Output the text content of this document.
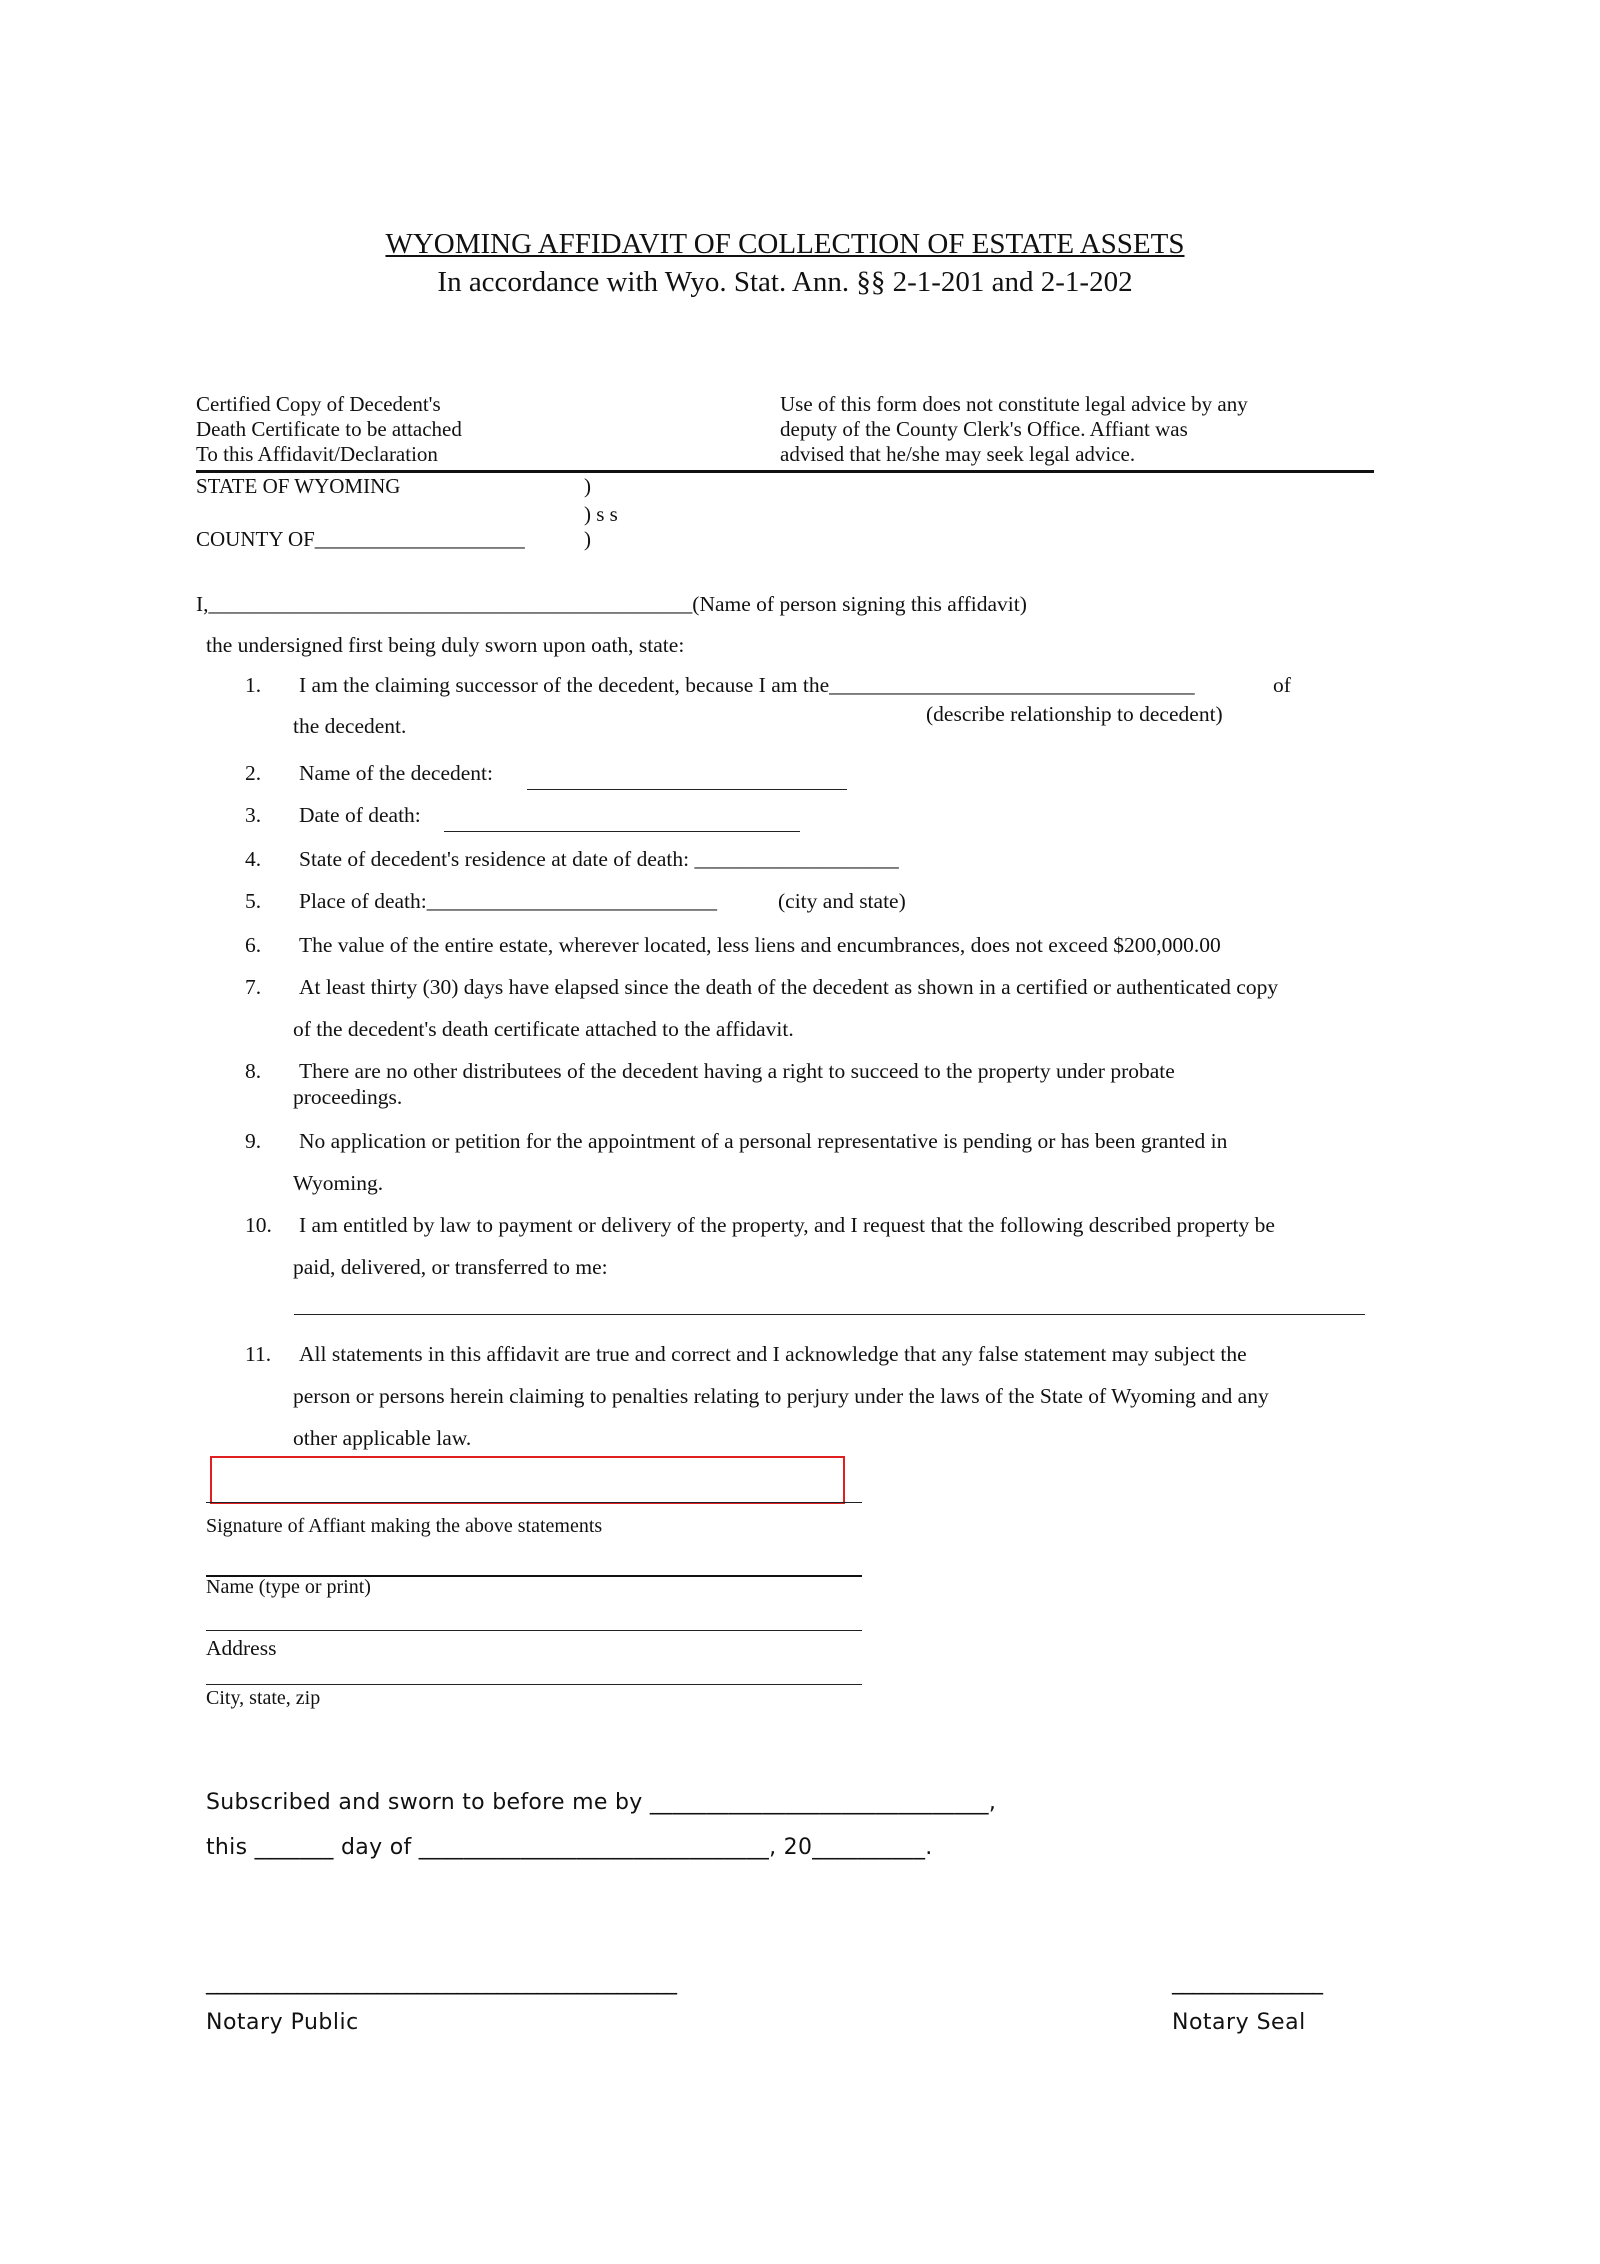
WYOMING AFFIDAVIT OF COLLECTION OF ESTATE ASSETS
In accordance with Wyo. Stat. Ann. §§ 2-1-201 and 2-1-202
Certified Copy of Decedent's
Death Certificate to be attached
To this Affidavit/Declaration
Use of this form does not constitute legal advice by any
deputy of the County Clerk's Office. Affiant was
advised that he/she may seek legal advice.
STATE OF WYOMING	)
) s s
COUNTY OF____________________	)
I,_____________________________________________(Name of person signing this affidavit)
the undersigned first being duly sworn upon oath, state:
1. I am the claiming successor of the decedent, because I am the__________________________________	of
(describe relationship to decedent)
the decedent.
2. Name of the decedent:
3. Date of death:
4. State of decedent's residence at date of death: ___________________
5. Place of death:___________________________	(city and state)
6. The value of the entire estate, wherever located, less liens and encumbrances, does not exceed $200,000.00
7. At least thirty (30) days have elapsed since the death of the decedent as shown in a certified or authenticated copy
of the decedent's death certificate attached to the affidavit.
8. There are no other distributees of the decedent having a right to succeed to the property under probate
proceedings.
9. No application or petition for the appointment of a personal representative is pending or has been granted in
Wyoming.
10. I am entitled by law to payment or delivery of the property, and I request that the following described property be
paid, delivered, or transferred to me:
11. All statements in this affidavit are true and correct and I acknowledge that any false statement may subject the
person or persons herein claiming to penalties relating to perjury under the laws of the State of Wyoming and any
other applicable law.
Signature of Affiant making the above statements
Name (type or print)
Address
City, state, zip
Subscribed and sworn to before me by ______________________________,
this _______ day of _______________________________, 20__________.
_______________________________________________	_______________
Notary Public	Notary Seal
